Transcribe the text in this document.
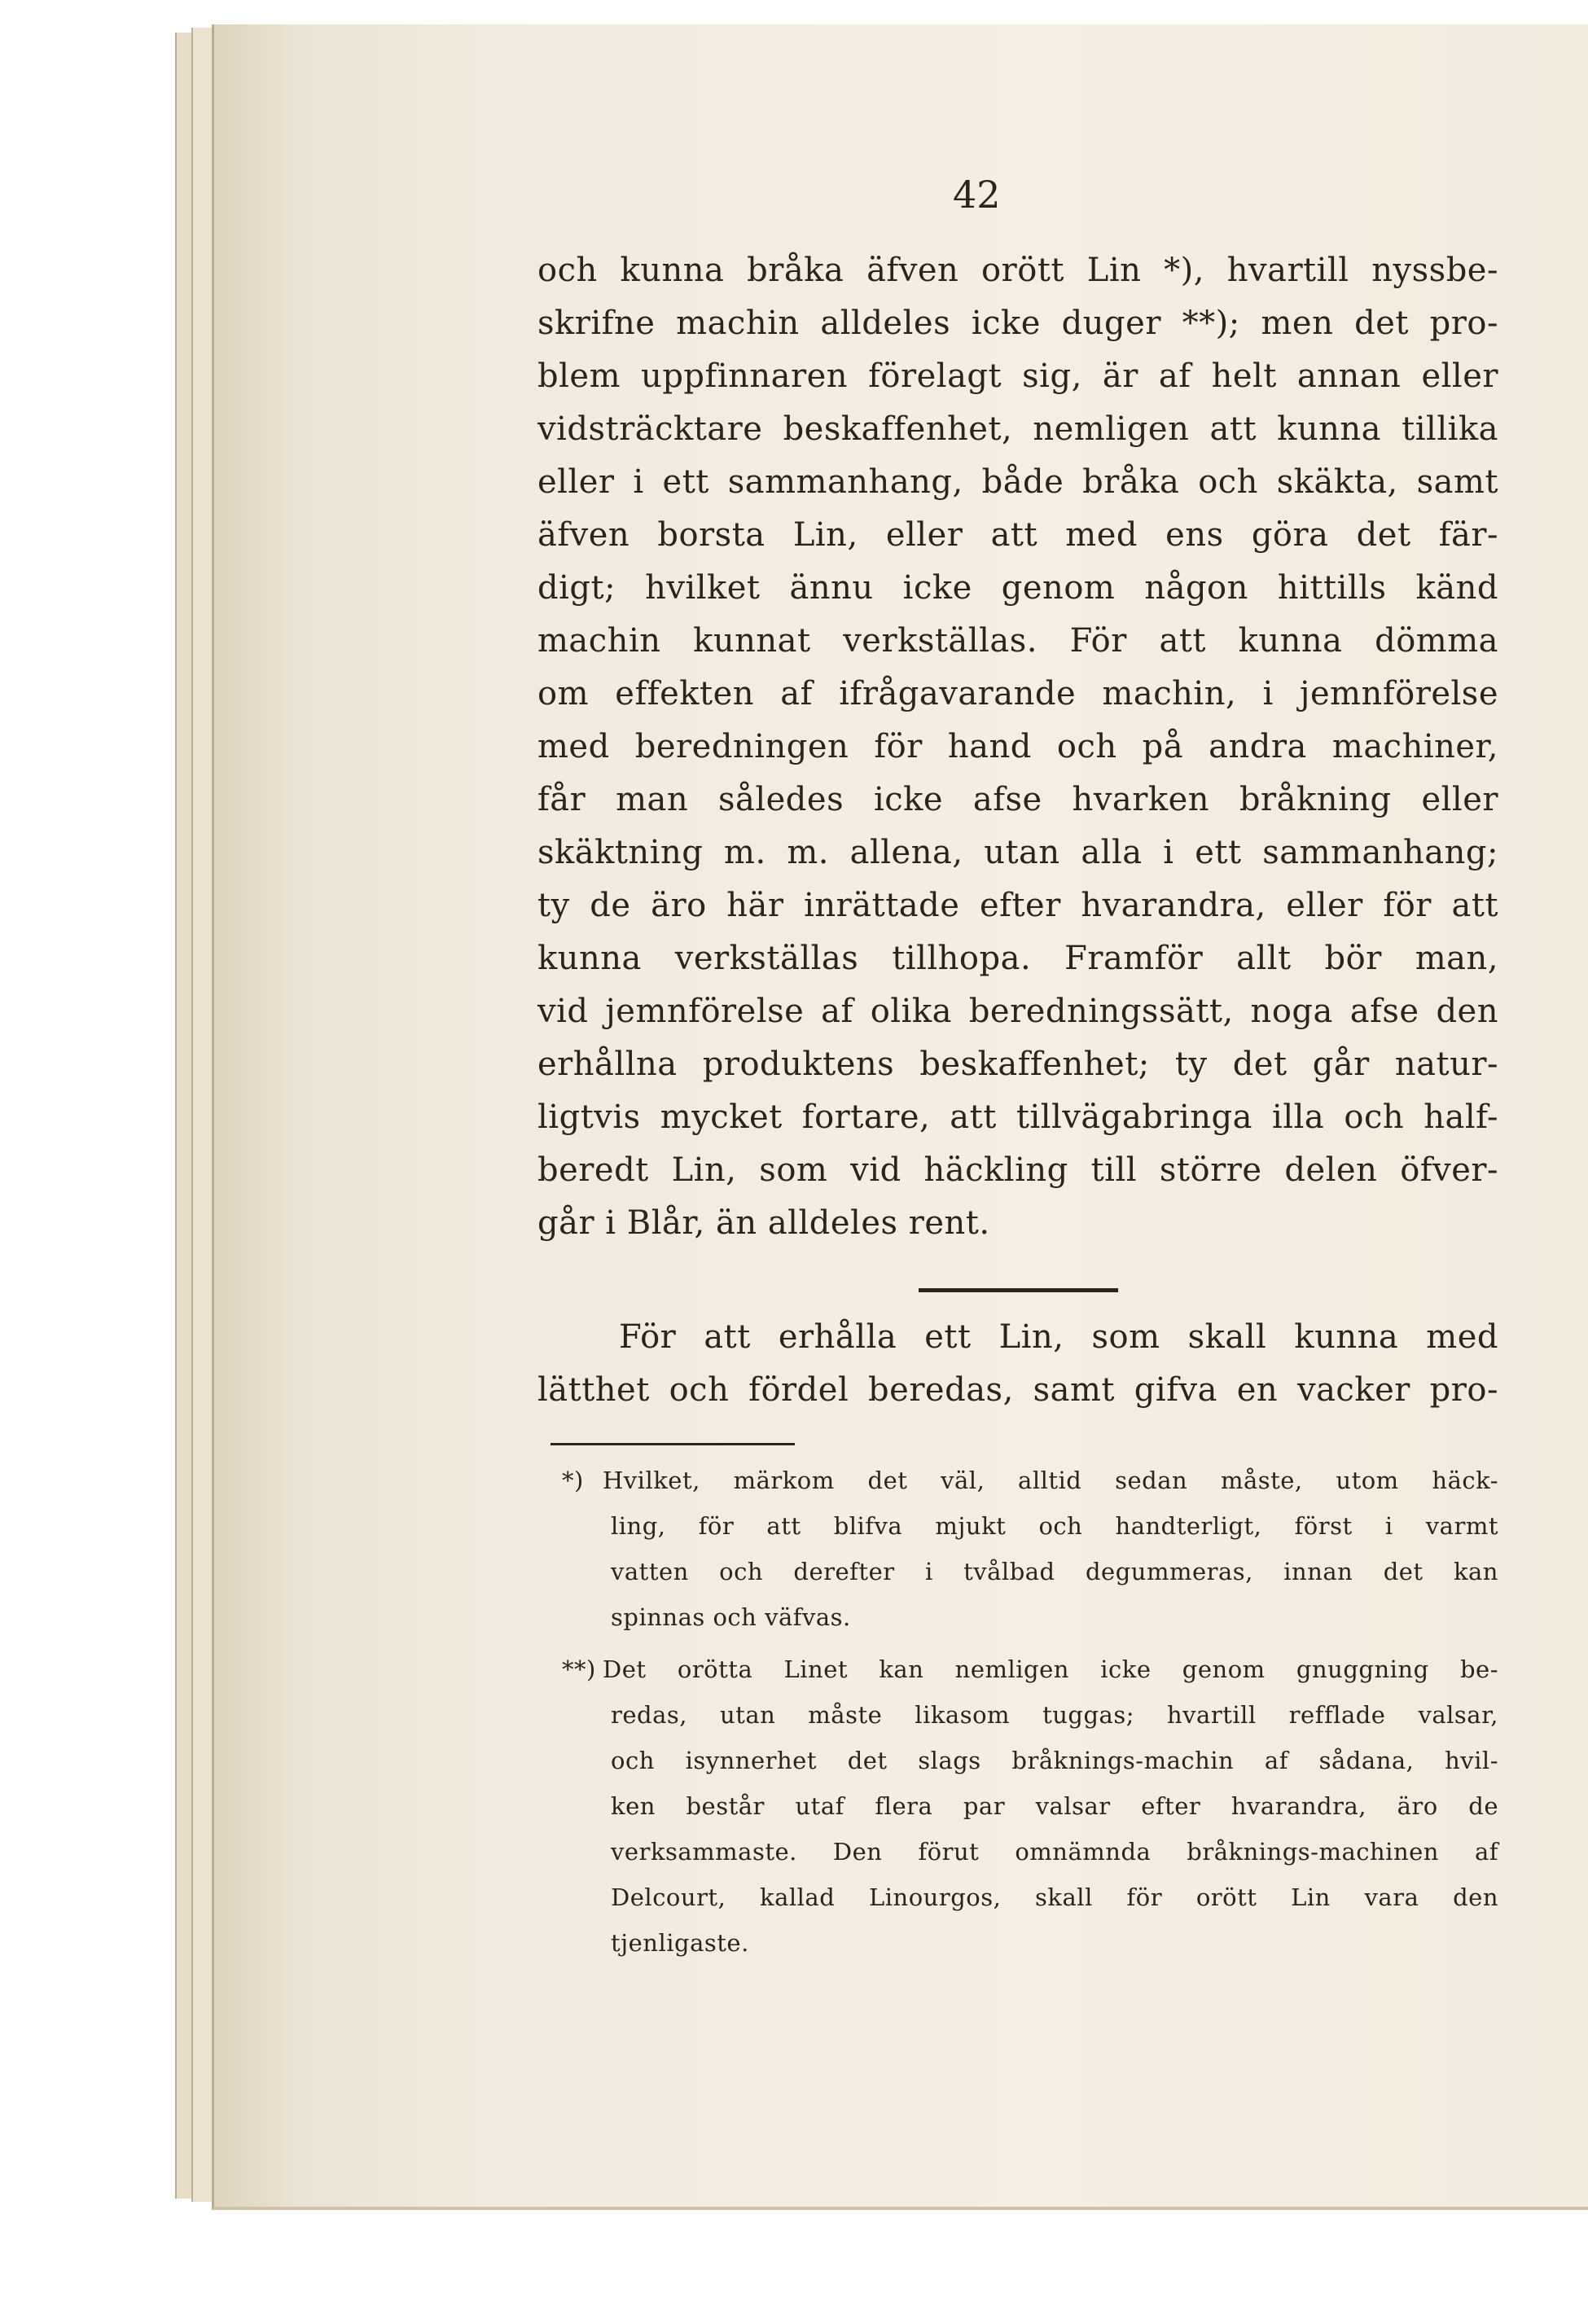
42
och kunna bråka äfven orött Lin *), hvartill nyssbe-
skrifne machin alldeles icke duger **); men det pro-
blem uppfinnaren förelagt sig, är af helt annan eller
vidsträcktare beskaffenhet, nemligen att kunna tillika
eller i ett sammanhang, både bråka och skäkta, samt
äfven borsta Lin, eller att med ens göra det fär-
digt; hvilket ännu icke genom någon hittills känd
machin kunnat verkställas. För att kunna dömma
om effekten af ifrågavarande machin, i jemnförelse
med beredningen för hand och på andra machiner,
får man således icke afse hvarken bråkning eller
skäktning m. m. allena, utan alla i ett sammanhang;
ty de äro här inrättade efter hvarandra, eller för att
kunna verkställas tillhopa. Framför allt bör man,
vid jemnförelse af olika beredningssätt, noga afse den
erhållna produktens beskaffenhet; ty det går natur-
ligtvis mycket fortare, att tillvägabringa illa och half-
beredt Lin, som vid häckling till större delen öfver-
går i Blår, än alldeles rent.
För att erhålla ett Lin, som skall kunna med
lätthet och fördel beredas, samt gifva en vacker pro-
*) Hvilket, märkom det väl, alltid sedan måste, utom häck-
ling, för att blifva mjukt och handterligt, först i varmt
vatten och derefter i tvålbad degummeras, innan det kan
spinnas och väfvas.
**) Det orötta Linet kan nemligen icke genom gnuggning be-
redas, utan måste likasom tuggas; hvartill refflade valsar,
och isynnerhet det slags bråknings-machin af sådana, hvil-
ken består utaf flera par valsar efter hvarandra, äro de
verksammaste. Den förut omnämnda bråknings-machinen af
Delcourt, kallad Linourgos, skall för orött Lin vara den
tjenligaste.
